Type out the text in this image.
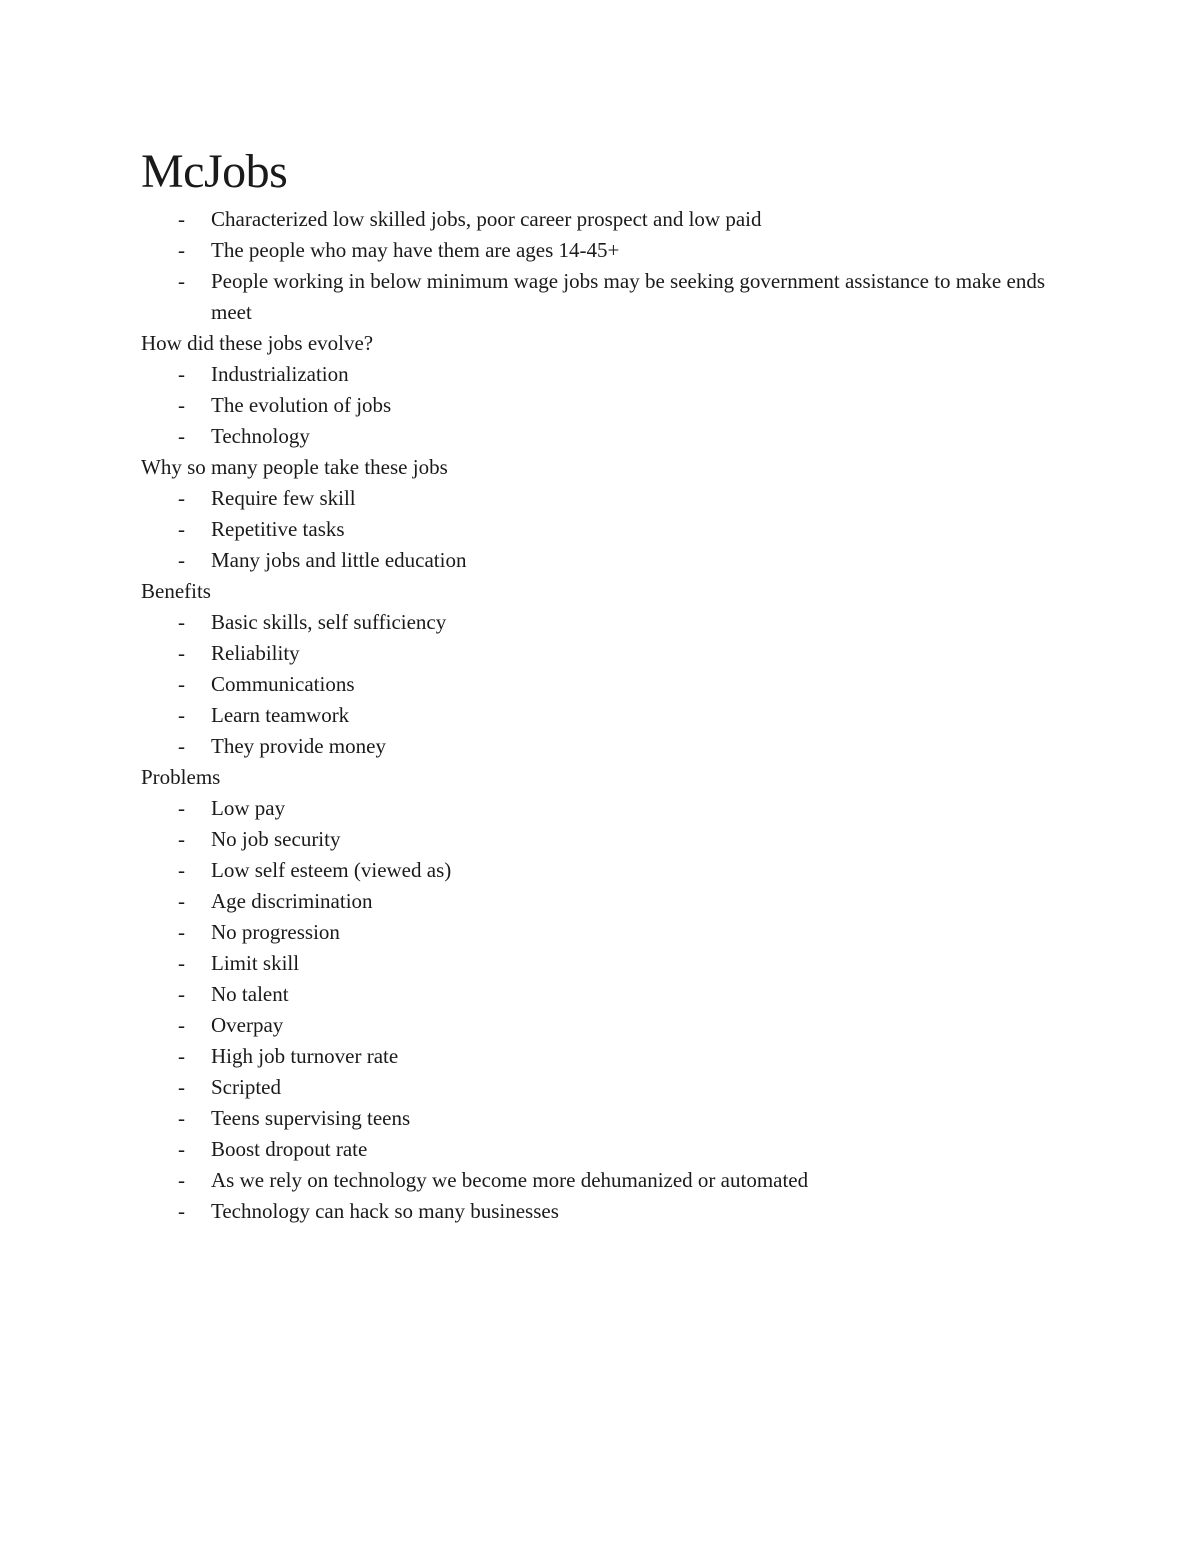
McJobs
- Characterized low skilled jobs, poor career prospect and low paid
- The people who may have them are ages 14-45+
- People working in below minimum wage jobs may be seeking government assistance to make ends meet

How did these jobs evolve?

- Industrialization
- The evolution of jobs
- Technology

Why so many people take these jobs

- Require few skill
- Repetitive tasks
- Many jobs and little education

Benefits

- Basic skills, self sufficiency
- Reliability
- Communications
- Learn teamwork
- They provide money

Problems

- Low pay
- No job security
- Low self esteem (viewed as)
- Age discrimination
- No progression
- Limit skill
- No talent
- Overpay
- High job turnover rate
- Scripted
- Teens supervising teens
- Boost dropout rate
- As we rely on technology we become more dehumanized or automated
- Technology can hack so many businesses
